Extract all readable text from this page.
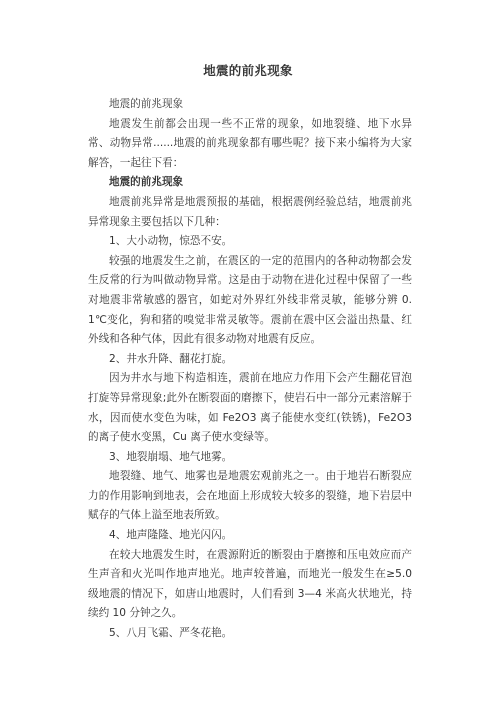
地震的前兆现象

地震的前兆现象

地震发生前都会出现一些不正常的现象，如地裂缝、地下水异常、动物异常......地震的前兆现象都有哪些呢？接下来小编将为大家解答，一起往下看：

地震的前兆现象

地震前兆异常是地震预报的基础，根据震例经验总结，地震前兆异常现象主要包括以下几种：

1、大小动物，惊恐不安。

较强的地震发生之前，在震区的一定的范围内的各种动物都会发生反常的行为叫做动物异常。这是由于动物在进化过程中保留了一些对地震非常敏感的器官，如蛇对外界红外线非常灵敏，能够分辨 0.1℃变化，狗和猪的嗅觉非常灵敏等。震前在震中区会溢出热量、红外线和各种气体，因此有很多动物对地震有反应。

2、井水升降、翻花打旋。

因为井水与地下构造相连，震前在地应力作用下会产生翻花冒泡打旋等异常现象;此外在断裂面的磨擦下，使岩石中一部分元素溶解于水，因而使水变色为味，如 Fe2O3 离子能使水变红(铁锈)，Fe2O3 的离子使水变黑，Cu 离子使水变绿等。

3、地裂崩塌、地气地雾。

地裂缝、地气、地雾也是地震宏观前兆之一。由于地岩石断裂应力的作用影响到地表，会在地面上形成较大较多的裂缝，地下岩层中赋存的气体上溢至地表所致。

4、地声隆隆、地光闪闪。

在较大地震发生时，在震源附近的断裂由于磨擦和压电效应而产生声音和火光叫作地声地光。地声较普遍，而地光一般发生在≥5.0 级地震的情况下，如唐山地震时，人们看到 3—4 米高火状地光，持续约 10 分钟之久。

5、八月飞霜、严冬花艳。
